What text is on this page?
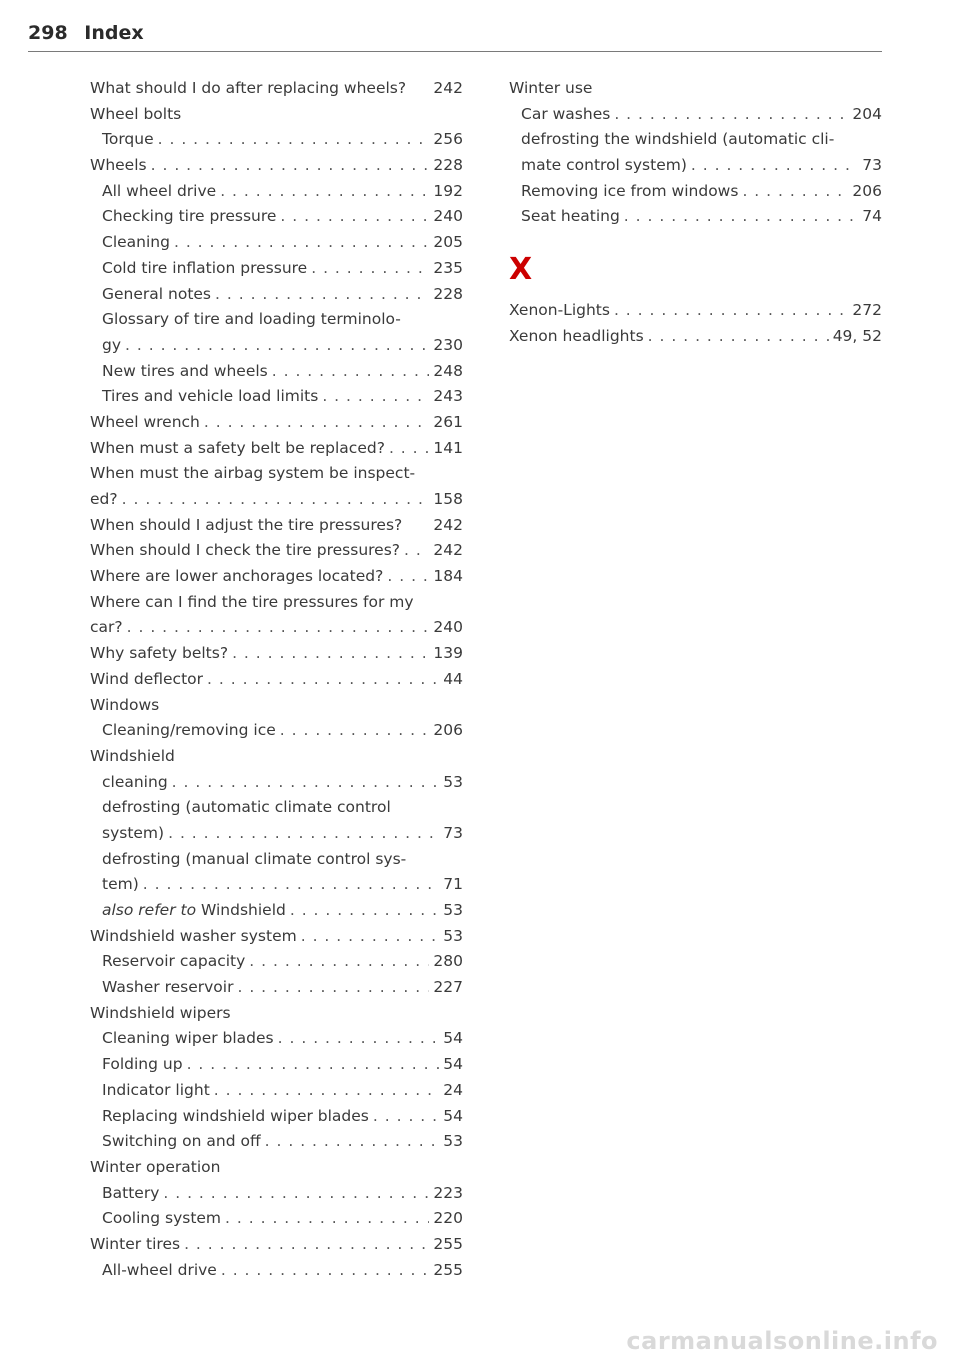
298 Index
What should I do after replacing wheels? 242
Wheel bolts
Torque . . .	256
Wheels . . .	228
All wheel drive . . .	192
Checking tire pressure . . .	240
Cleaning . . .	205
Cold tire inflation pressure . . .	235
General notes . . .	228
Glossary of tire and loading terminolo-
gy . . .	230
New tires and wheels . . .	248
Tires and vehicle load limits . . .	243
Wheel wrench . . .	261
When must a safety belt be replaced? . . .	141
When must the airbag system be inspect-
ed? . . .	158
When should I adjust the tire pressures? 242
When should I check the tire pressures? . . . 242
Where are lower anchorages located? . . .	184
Where can I find the tire pressures for my
car? . . .	240
Why safety belts? . . .	139
Wind deflector . . .	44
Windows
Cleaning/removing ice . . .	206
Windshield
cleaning . . .	53
defrosting (automatic climate control
system) . . .	73
defrosting (manual climate control sys-
tem) . . .	71
also refer to Windshield . . .	53
Windshield washer system . . .	53
Reservoir capacity . . .	280
Washer reservoir . . .	227
Windshield wipers
Cleaning wiper blades . . .	54
Folding up . . .	54
Indicator light . . .	24
Replacing windshield wiper blades . . .	54
Switching on and off . . .	53
Winter operation
Battery . . .	223
Cooling system . . .	220
Winter tires . . .	255
All-wheel drive . . .	255
Winter use
Car washes . . .	204
defrosting the windshield (automatic cli-
mate control system) . . .	73
Removing ice from windows . . .	206
Seat heating . . .	74
X
Xenon-Lights . . .	272
Xenon headlights . . .	49, 52
carmanualsonline.info
